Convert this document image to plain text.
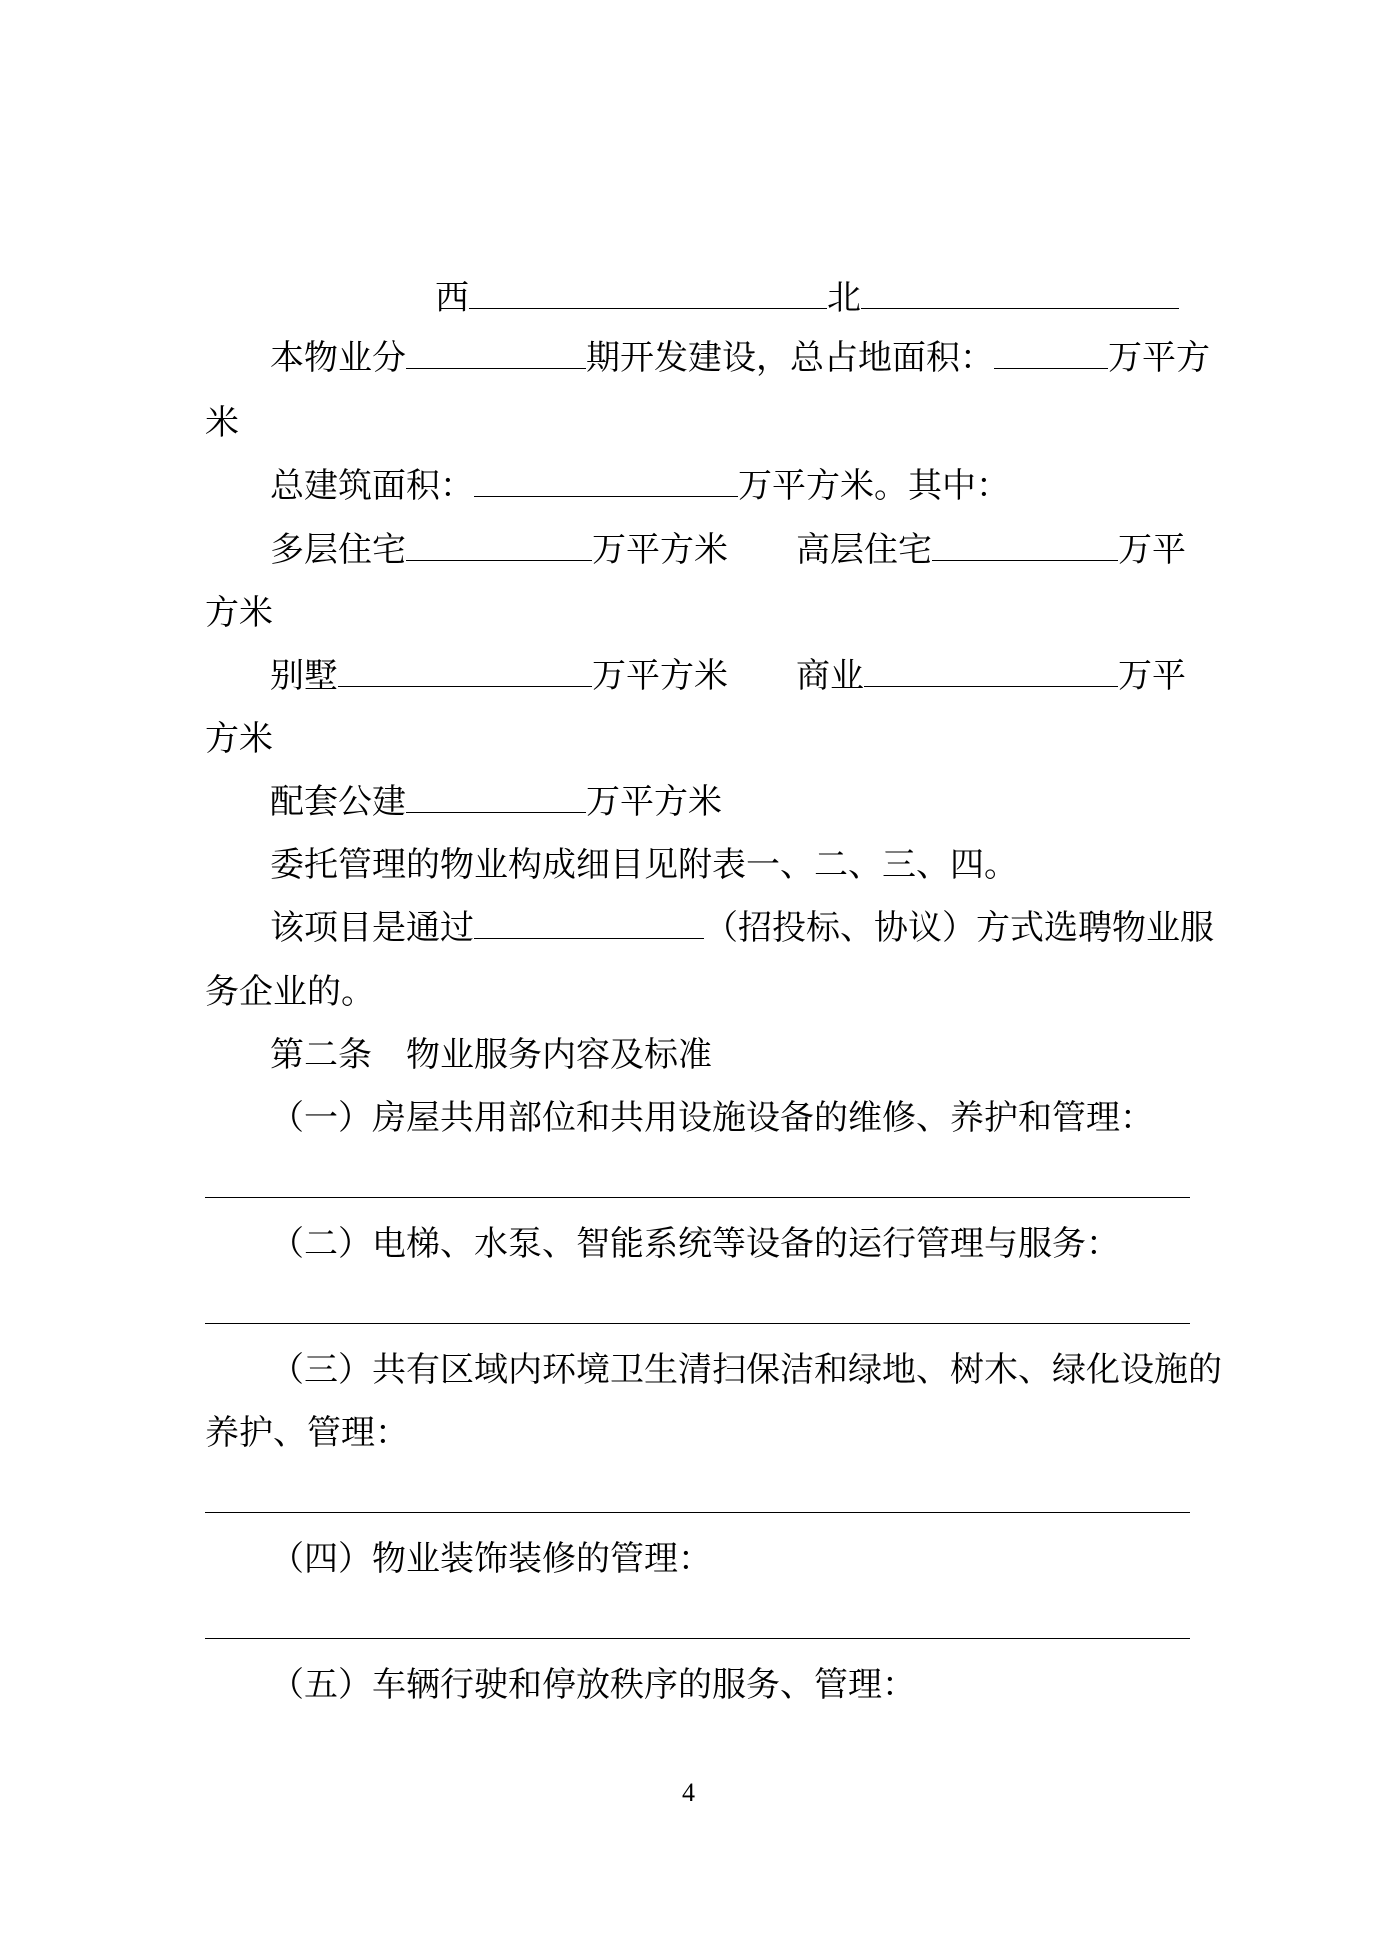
西	北
本物业分	期开发建设，总占地面积：	万平方
米
总建筑面积：	万平方米。其中：
多层住宅	万平方米 高层住宅	万平
方米
别墅	万平方米 商业	万平
方米
配套公建	万平方米
委托管理的物业构成细目见附表一、二、三、四。
该项目是通过	（招投标、协议）方式选聘物业服
务企业的。
第二条 物业服务内容及标准
（一）房屋共用部位和共用设施设备的维修、养护和管理：
（二）电梯、水泵、智能系统等设备的运行管理与服务：
（三）共有区域内环境卫生清扫保洁和绿地、树木、绿化设施的
养护、管理：
（四）物业装饰装修的管理：
（五）车辆行驶和停放秩序的服务、管理：
4
